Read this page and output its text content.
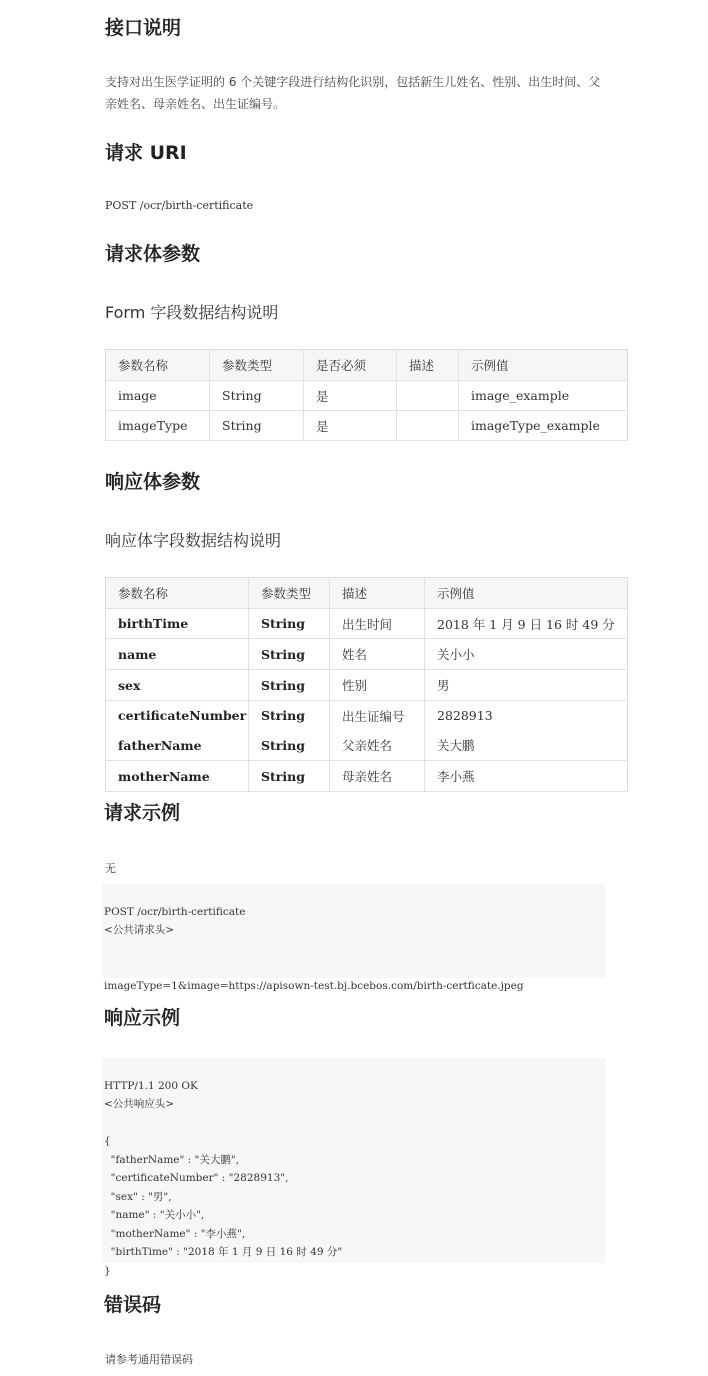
接口说明
支持对出生医学证明的 6 个关键字段进行结构化识别，包括新生儿姓名、性别、出生时间、父
亲姓名、母亲姓名、出生证编号。
请求 URI
POST /ocr/birth-certificate
请求体参数
Form 字段数据结构说明
参数名称	参数类型	是否必须	描述	示例值
image	String	是		image_example
imageType	String	是		imageType_example
响应体参数
响应体字段数据结构说明
参数名称	参数类型	描述	示例值
birthTime	String	出生时间	2018 年 1 月 9 日 16 时 49 分
name	String	姓名	关小小
sex	String	性别	男
certificateNumber	String	出生证编号	2828913
fatherName	String	父亲姓名	关大鹏
motherName	String	母亲姓名	李小燕
请求示例
无

POST /ocr/birth-certificate
<公共请求头>
imageType=1&image=https://apisown-test.bj.bcebos.com/birth-certficate.jpeg
响应示例

HTTP/1.1 200 OK
<公共响应头>
{
"fatherName" : "关大鹏",
"certificateNumber" : "2828913",
"sex" : "男",
"name" : "关小小",
"motherName" : "李小燕",
"birthTime" : "2018 年 1 月 9 日 16 时 49 分"
}
错误码
请参考通用错误码
